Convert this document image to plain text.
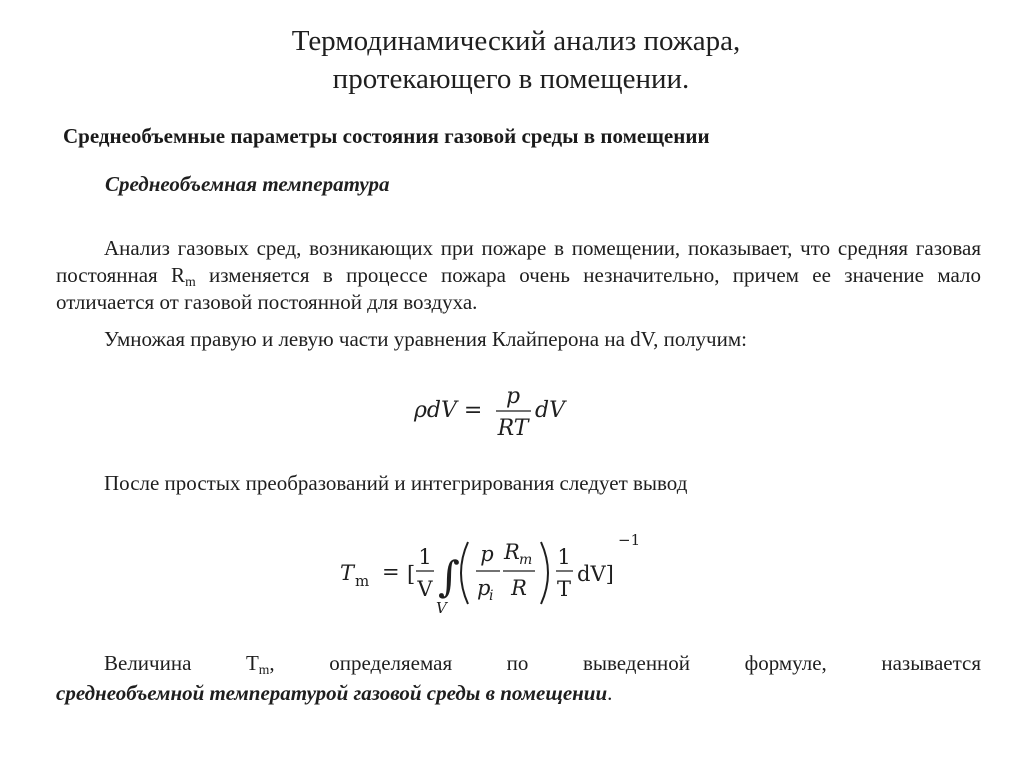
Термодинамический анализ пожара,
протекающего в помещении.
Среднеобъемные параметры состояния газовой среды в помещении
Среднеобъемная температура
Анализ газовых сред, возникающих при пожаре в помещении, показывает, что средняя газовая постоянная $R_m$ изменяется в процессе пожара очень незначительно, причем ее значение мало отличается от газовой постоянной для воздуха.
Умножая правую и левую части уравнения Клайперона на dV, получим:
ρdV =
p
RT
dV
После простых преобразований и интегрирования следует вывод
T m = [
1
V ∫
V
p
p
i
R m
R
1
T
dV]
−1
Величина $T_m$, определяемая по выведенной формуле, называется
среднеобъемной температурой газовой среды в помещении.
